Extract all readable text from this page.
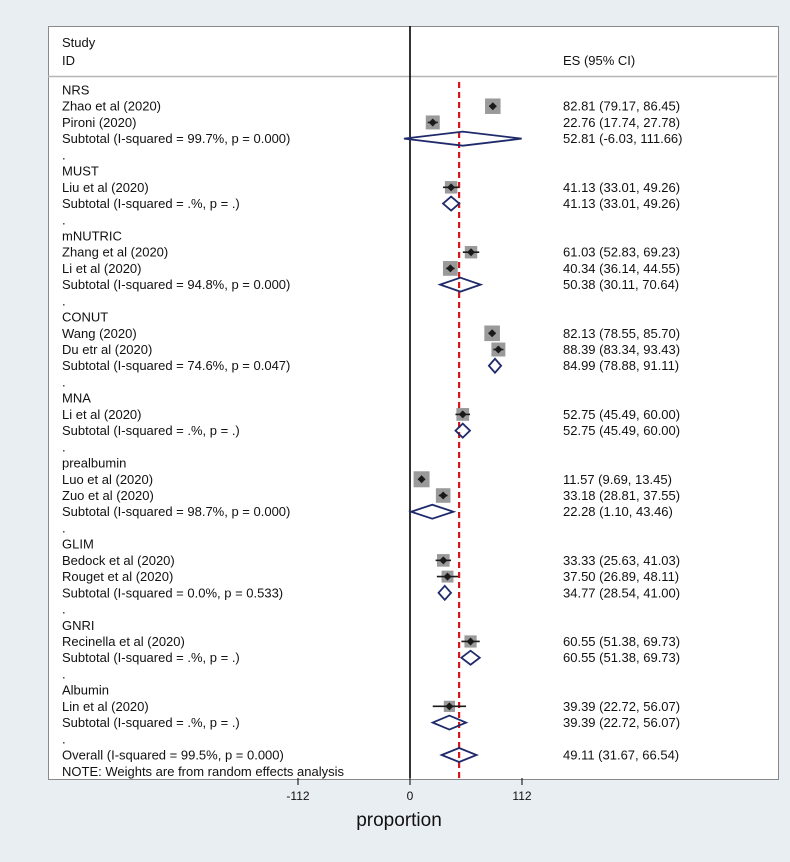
Study
ID	ES (95% CI)
NRS
Zhao et al (2020)	82.81 (79.17, 86.45)
Pironi (2020)	22.76 (17.74, 27.78)
Subtotal (I-squared = 99.7%, p = 0.000)	52.81 (-6.03, 111.66)
.
MUST
Liu et al (2020)	41.13 (33.01, 49.26)
Subtotal (I-squared = .%, p = .)	41.13 (33.01, 49.26)
.
mNUTRIC
Zhang et al (2020)	61.03 (52.83, 69.23)
Li et al (2020)	40.34 (36.14, 44.55)
Subtotal (I-squared = 94.8%, p = 0.000)	50.38 (30.11, 70.64)
.
CONUT
Wang (2020)	82.13 (78.55, 85.70)
Du etr al (2020)	88.39 (83.34, 93.43)
Subtotal (I-squared = 74.6%, p = 0.047)	84.99 (78.88, 91.11)
.
MNA
Li et al (2020)	52.75 (45.49, 60.00)
Subtotal (I-squared = .%, p = .)	52.75 (45.49, 60.00)
.
prealbumin
Luo et al (2020)	11.57 (9.69, 13.45)
Zuo et al (2020)	33.18 (28.81, 37.55)
Subtotal (I-squared = 98.7%, p = 0.000)	22.28 (1.10, 43.46)
.
GLIM
Bedock et al (2020)	33.33 (25.63, 41.03)
Rouget et al (2020)	37.50 (26.89, 48.11)
Subtotal (I-squared = 0.0%, p = 0.533)	34.77 (28.54, 41.00)
.
GNRI
Recinella et al (2020)	60.55 (51.38, 69.73)
Subtotal (I-squared = .%, p = .)	60.55 (51.38, 69.73)
.
Albumin
Lin et al (2020)	39.39 (22.72, 56.07)
Subtotal (I-squared = .%, p = .)	39.39 (22.72, 56.07)
.
Overall (I-squared = 99.5%, p = 0.000)	49.11 (31.67, 66.54)
NOTE: Weights are from random effects analysis
-112	0	112
proportion
